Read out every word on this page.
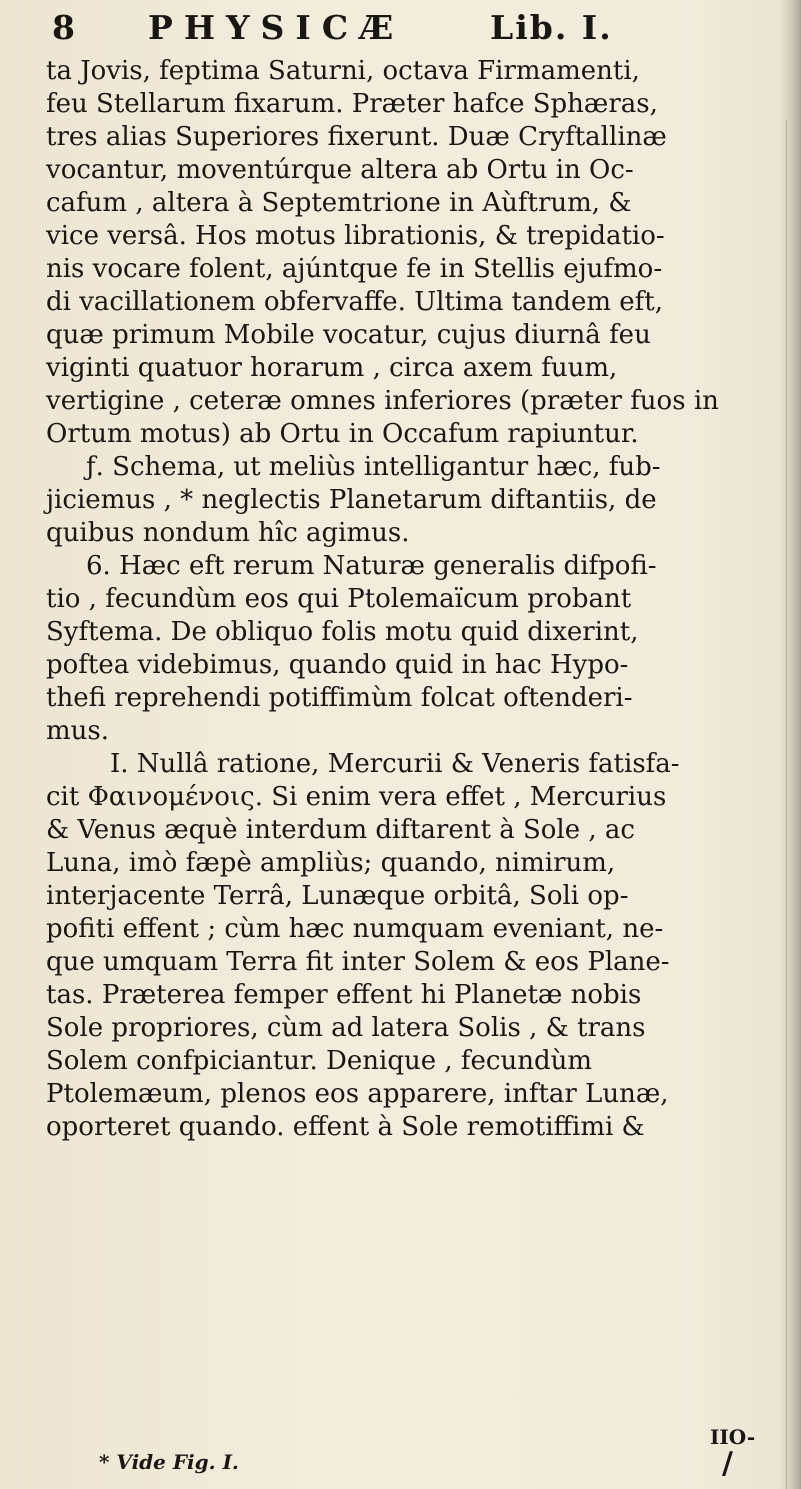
8 PHYSICÆ	Lib. I.
ta Jovis, feptima Saturni, octava Firmamenti,
feu Stellarum fixarum. Præter hafce Sphæras,
tres alias Superiores fixerunt. Duæ Cryftallinæ
vocantur, moventúrque altera ab Ortu in Oc-
cafum , altera à Septemtrione in Aùftrum, &
vice versâ. Hos motus librationis, & trepidatio-
nis vocare folent, ajúntque fe in Stellis ejufmo-
di vacillationem obfervaffe. Ultima tandem eft,
quæ primum Mobile vocatur, cujus diurnâ feu
viginti quatuor horarum , circa axem fuum,
vertigine , ceteræ omnes inferiores (præter fuos in
Ortum motus) ab Ortu in Occafum rapiuntur.
ƒ. Schema, ut meliùs intelligantur hæc, fub-
jiciemus , * neglectis Planetarum diftantiis, de
quibus nondum hîc agimus.
6. Hæc eft rerum Naturæ generalis difpofi-
tio , fecundùm eos qui Ptolemaïcum probant
Syftema. De obliquo folis motu quid dixerint,
poftea videbimus, quando quid in hac Hypo-
thefi reprehendi potiffimùm folcat oftenderi-
mus.
I. Nullâ ratione, Mercurii & Veneris fatisfa-
cit Φαινομένοις. Si enim vera effet , Mercurius
& Venus æquè interdum diftarent à Sole , ac
Luna, imò fæpè ampliùs; quando, nimirum,
interjacente Terrâ, Lunæque orbitâ, Soli op-
pofiti effent ; cùm hæc numquam eveniant, ne-
que umquam Terra fit inter Solem & eos Plane-
tas. Præterea femper effent hi Planetæ nobis
Sole propriores, cùm ad latera Solis , & trans
Solem confpiciantur. Denique , fecundùm
Ptolemæum, plenos eos apparere, inftar Lunæ,
oporteret quando. effent à Sole remotiffimi &
IIO-
* Vide Fig. I.	/
